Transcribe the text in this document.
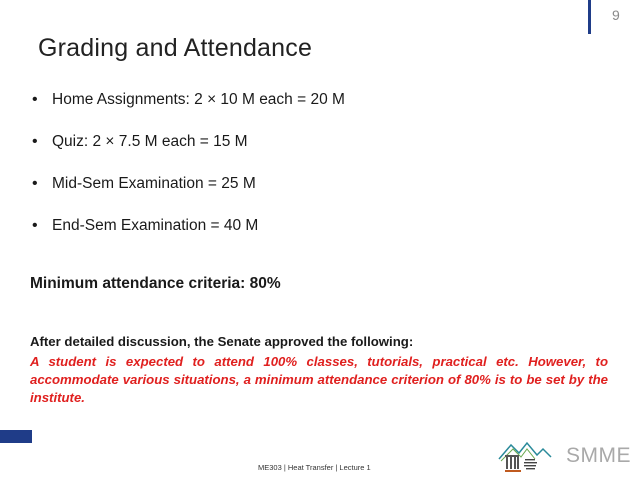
9
Grading and Attendance
• Home Assignments: 2 × 10 M each = 20 M
• Quiz: 2 × 7.5 M each = 15 M
• Mid-Sem Examination = 25 M
• End-Sem Examination = 40 M
Minimum attendance criteria: 80%
After detailed discussion, the Senate approved the following:

A student is expected to attend 100% classes, tutorials, practical etc. However, to accommodate various situations, a minimum attendance criterion of 80% is to be set by the institute.

ME303 | Heat Transfer | Lecture 1
SMME
